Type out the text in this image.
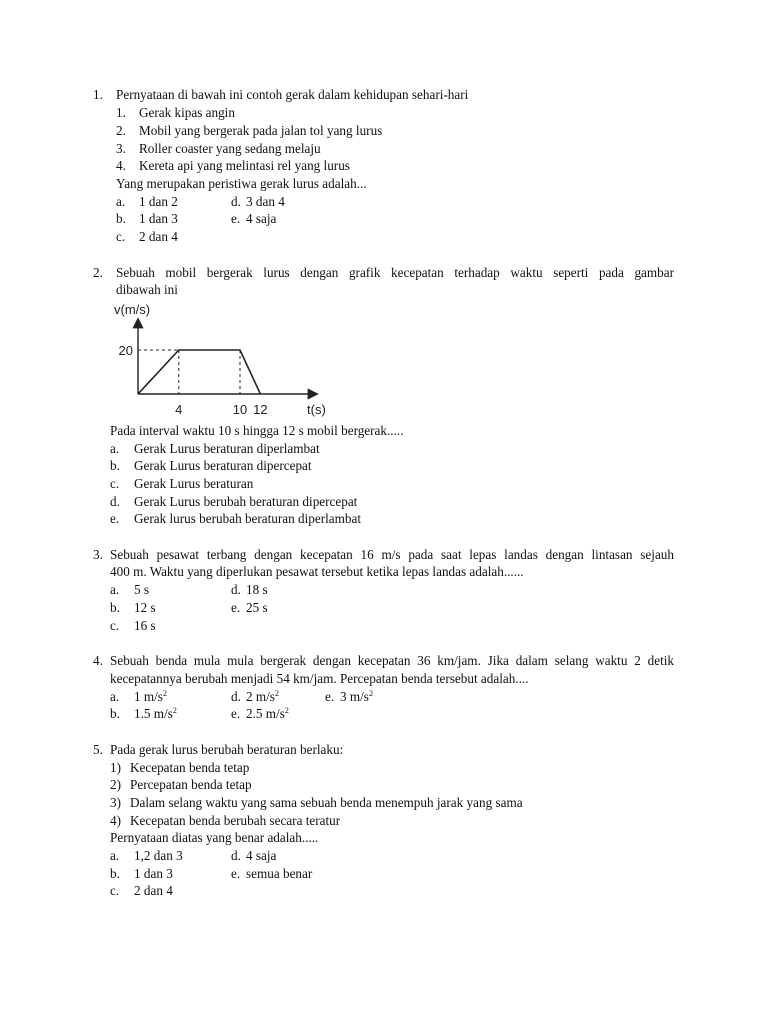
1. Pernyataan di bawah ini contoh gerak dalam kehidupan sehari-hari
1. Gerak kipas angin
2. Mobil yang bergerak pada jalan tol yang lurus
3. Roller coaster yang sedang melaju
4. Kereta api yang melintasi rel yang lurus
Yang merupakan peristiwa gerak lurus adalah...
a. 1 dan 2	d. 3 dan 4
b. 1 dan 3	e. 4 saja
c. 2 dan 4
2. Sebuah mobil bergerak lurus dengan grafik kecepatan terhadap waktu seperti pada gambar
dibawah ini
v(m/s)
4	10 12
20
t(s)
Pada interval waktu 10 s hingga 12 s mobil bergerak.....
a. Gerak Lurus beraturan diperlambat
b. Gerak Lurus beraturan dipercepat
c. Gerak Lurus beraturan
d. Gerak Lurus berubah beraturan dipercepat
e. Gerak lurus berubah beraturan diperlambat
3. Sebuah pesawat terbang dengan kecepatan 16 m/s pada saat lepas landas dengan lintasan sejauh
400 m. Waktu yang diperlukan pesawat tersebut ketika lepas landas adalah......
a. 5 s	d. 18 s
b. 12 s	e. 25 s
c. 16 s
4. Sebuah benda mula mula bergerak dengan kecepatan 36 km/jam. Jika dalam selang waktu 2 detik
kecepatannya berubah menjadi 54 km/jam. Percepatan benda tersebut adalah....
a. 1 $m/s^2$	d. 2 $m/s^2$	e. 3 $m/s^2$
b. 1.5 $m/s^2$	e. 2.5 $m/s^2$
5. Pada gerak lurus berubah beraturan berlaku:
1) Kecepatan benda tetap
2) Percepatan benda tetap
3) Dalam selang waktu yang sama sebuah benda menempuh jarak yang sama
4) Kecepatan benda berubah secara teratur
Pernyataan diatas yang benar adalah.....
a. 1,2 dan 3	d. 4 saja
b. 1 dan 3	e. semua benar
c. 2 dan 4
